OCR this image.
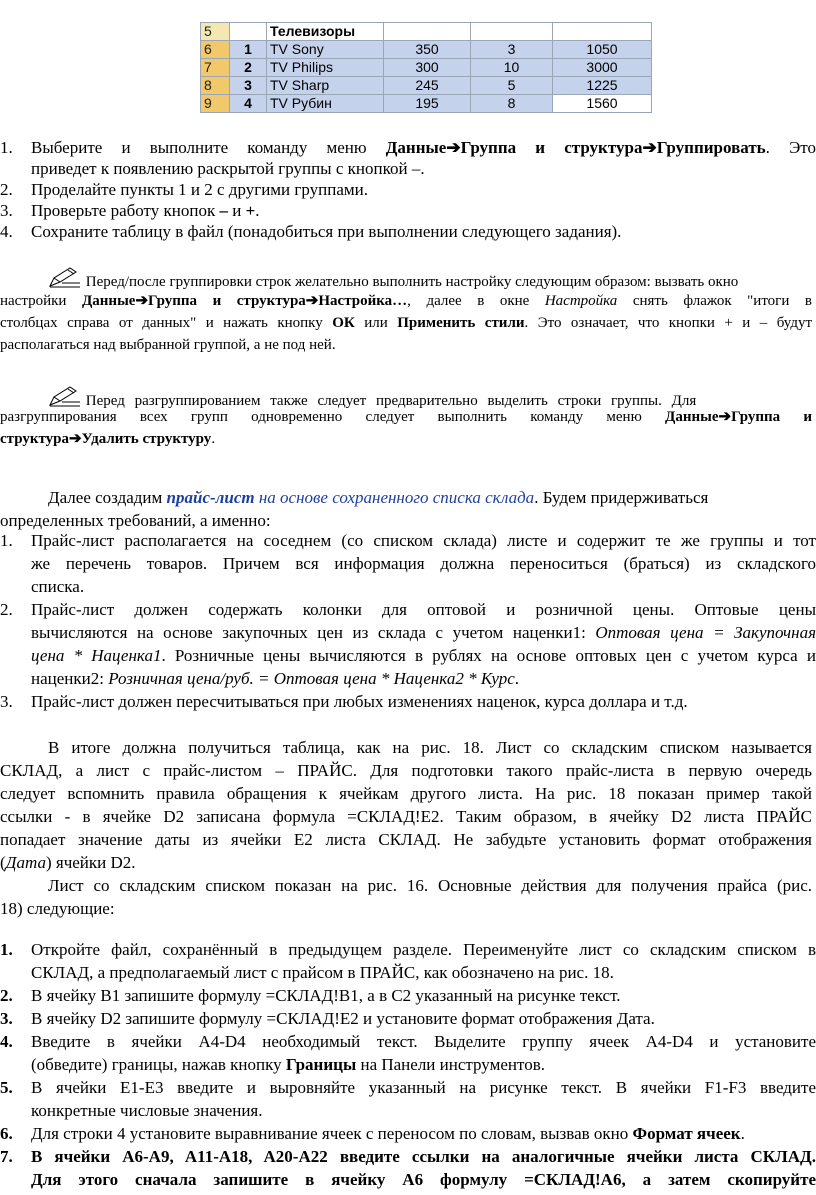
5		Телевизоры			
6	1	TV Sony	350	3	1050
7	2	TV Philips	300	10	3000
8	3	TV Sharp	245	5	1225
9	4	TV Рубин	195	8	1560
1. Выберите и выполните команду меню Данные➔Группа и структура➔Группировать. Это
приведет к появлению раскрытой группы с кнопкой –.
2. Проделайте пункты 1 и 2 с другими группами.
3. Проверьте работу кнопок – и +.
4. Сохраните таблицу в файл (понадобиться при выполнении следующего задания).
Перед/после группировки строк желательно выполнить настройку следующим образом: вызвать окно
настройки Данные➔Группа и структура➔Настройка…, далее в окне Настройка снять флажок "итоги в
столбцах справа от данных" и нажать кнопку ОК или Применить стили. Это означает, что кнопки + и – будут
располагаться над выбранной группой, а не под ней.
Перед разгруппированием также следует предварительно выделить строки группы. Для
разгруппирования всех групп одновременно следует выполнить команду меню Данные➔Группа и
структура➔Удалить структуру.
Далее создадим прайс-лист на основе сохраненного списка склада. Будем придерживаться
определенных требований, а именно:
1. Прайс-лист располагается на соседнем (со списком склада) листе и содержит те же группы и тот
же перечень товаров. Причем вся информация должна переноситься (браться) из складского
списка.
2. Прайс-лист должен содержать колонки для оптовой и розничной цены. Оптовые цены
вычисляются на основе закупочных цен из склада с учетом наценки1: Оптовая цена = Закупочная
цена * Наценка1. Розничные цены вычисляются в рублях на основе оптовых цен с учетом курса и
наценки2: Розничная цена/руб. = Оптовая цена * Наценка2 * Курс.
3. Прайс-лист должен пересчитываться при любых изменениях наценок, курса доллара и т.д.
В итоге должна получиться таблица, как на рис. 18. Лист со складским списком называется
СКЛАД, а лист с прайс-листом – ПРАЙС. Для подготовки такого прайс-листа в первую очередь
следует вспомнить правила обращения к ячейкам другого листа. На рис. 18 показан пример такой
ссылки - в ячейке D2 записана формула =СКЛАД!E2. Таким образом, в ячейку D2 листа ПРАЙС
попадает значение даты из ячейки E2 листа СКЛАД. Не забудьте установить формат отображения
(Дата) ячейки D2.
Лист со складским списком показан на рис. 16. Основные действия для получения прайса (рис.
18) следующие:
1. Откройте файл, сохранённый в предыдущем разделе. Переименуйте лист со складским списком в
СКЛАД, а предполагаемый лист с прайсом в ПРАЙС, как обозначено на рис. 18.
2. В ячейку B1 запишите формулу =СКЛАД!B1, а в C2 указанный на рисунке текст.
3. В ячейку D2 запишите формулу =СКЛАД!E2 и установите формат отображения Дата.
4. Введите в ячейки A4-D4 необходимый текст. Выделите группу ячеек A4-D4 и установите
(обведите) границы, нажав кнопку Границы на Панели инструментов.
5. В ячейки E1-E3 введите и выровняйте указанный на рисунке текст. В ячейки F1-F3 введите
конкретные числовые значения.
6. Для строки 4 установите выравнивание ячеек с переносом по словам, вызвав окно Формат ячеек.
7. В ячейки A6-A9, A11-A18, A20-A22 введите ссылки на аналогичные ячейки листа СКЛАД.
Для этого сначала запишите в ячейку A6 формулу =СКЛАД!A6, а затем скопируйте
